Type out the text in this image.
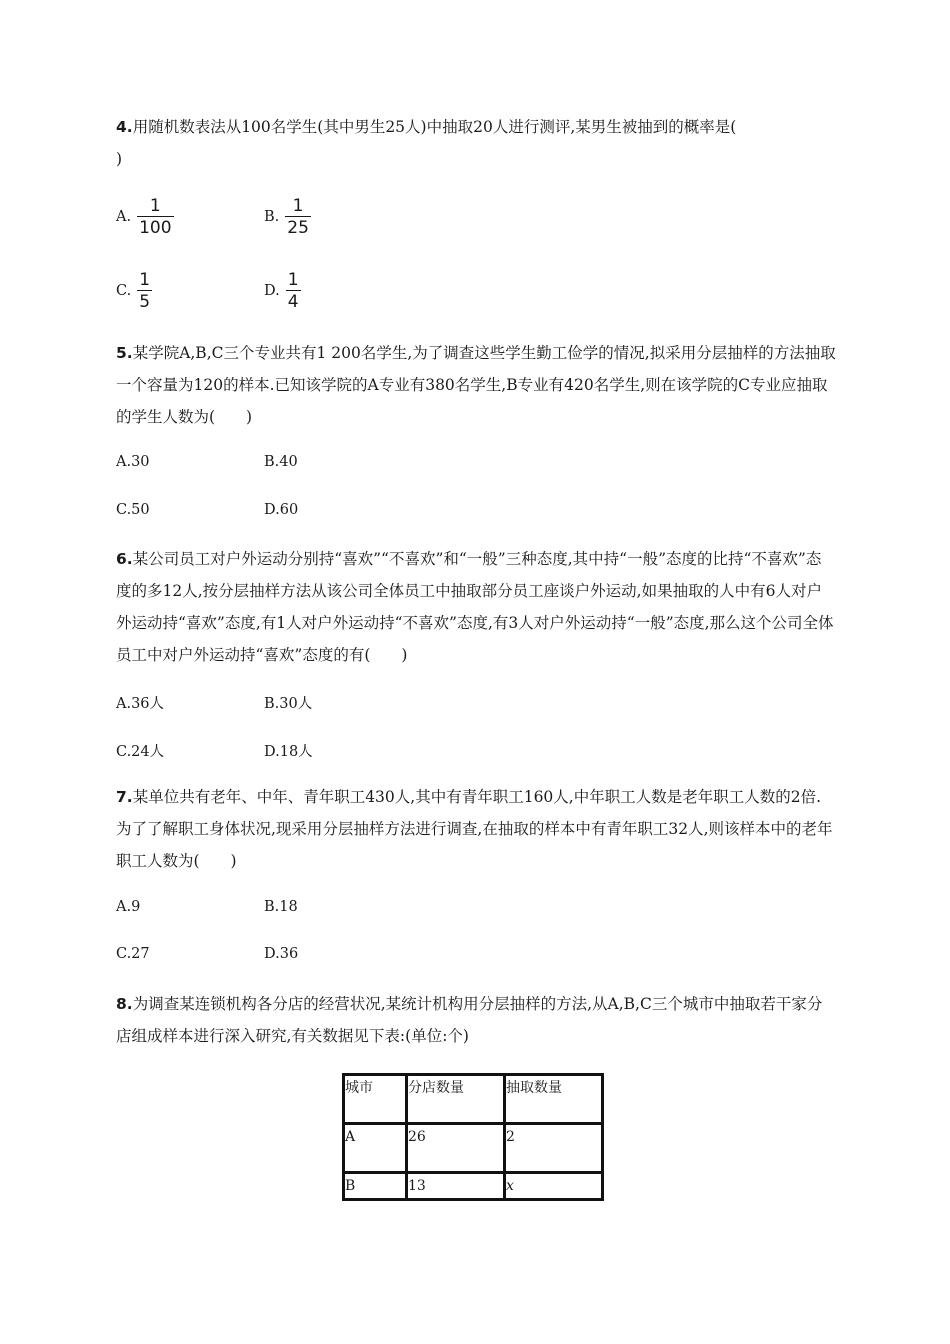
4.用随机数表法从100名学生(其中男生25人)中抽取20人进行测评,某男生被抽到的概率是(
)
A. $\frac{1}{100}$	B. $\frac{1}{25}$
C. $\frac{1}{5}$	D. $\frac{1}{4}$
5.某学院A,B,C三个专业共有1 200名学生,为了调查这些学生勤工俭学的情况,拟采用分层抽样的方法抽取一个容量为120的样本.已知该学院的A专业有380名学生,B专业有420名学生,则在该学院的C专业应抽取的学生人数为(　　)
A.30	B.40
C.50	D.60
6.某公司员工对户外运动分别持“喜欢”“不喜欢”和“一般”三种态度,其中持“一般”态度的比持“不喜欢”态度的多12人,按分层抽样方法从该公司全体员工中抽取部分员工座谈户外运动,如果抽取的人中有6人对户外运动持“喜欢”态度,有1人对户外运动持“不喜欢”态度,有3人对户外运动持“一般”态度,那么这个公司全体员工中对户外运动持“喜欢”态度的有(　　)
A.36人	B.30人
C.24人	D.18人
7.某单位共有老年、中年、青年职工430人,其中有青年职工160人,中年职工人数是老年职工人数的2倍.为了了解职工身体状况,现采用分层抽样方法进行调查,在抽取的样本中有青年职工32人,则该样本中的老年职工人数为(　　)
A.9	B.18
C.27	D.36
8.为调查某连锁机构各分店的经营状况,某统计机构用分层抽样的方法,从A,B,C三个城市中抽取若干家分店组成样本进行深入研究,有关数据见下表:(单位:个)
城市	分店数量	抽取数量
A	26	2
B	13	x
